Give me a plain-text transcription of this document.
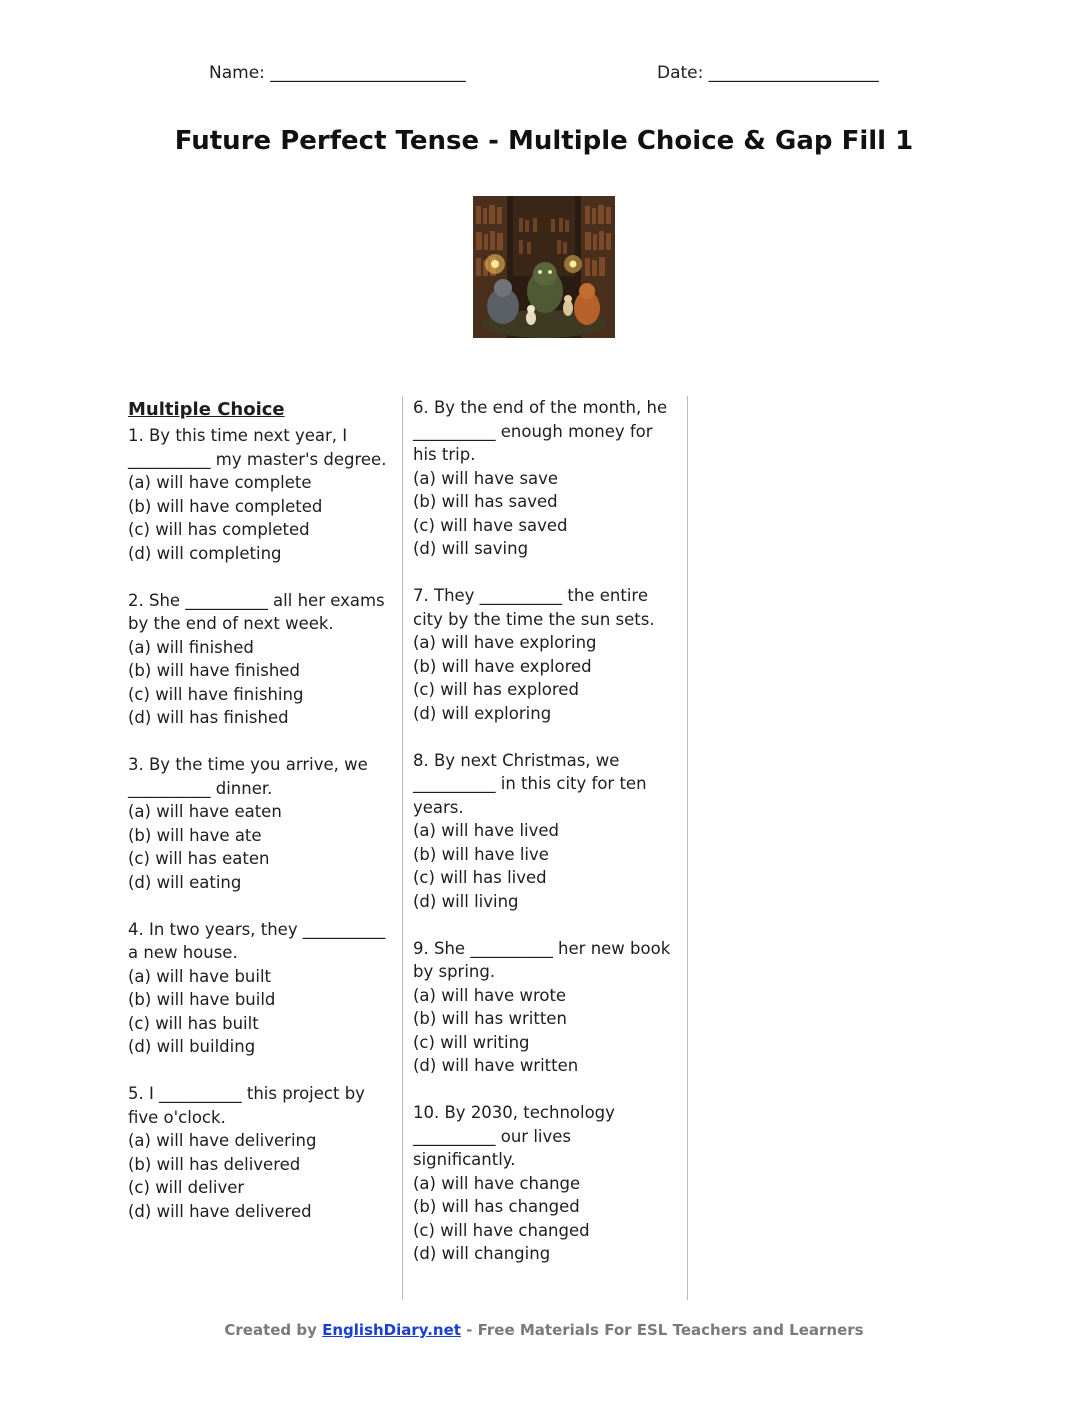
Name: _______________________	Date: ____________________
Future Perfect Tense - Multiple Choice & Gap Fill 1
Multiple Choice
1. By this time next year, I __________ my master's degree.
(a) will have complete
(b) will have completed
(c) will has completed
(d) will completing
2. She __________ all her exams by the end of next week.
(a) will finished
(b) will have finished
(c) will have finishing
(d) will has finished
3. By the time you arrive, we __________ dinner.
(a) will have eaten
(b) will have ate
(c) will has eaten
(d) will eating
4. In two years, they __________ a new house.
(a) will have built
(b) will have build
(c) will has built
(d) will building
5. I __________ this project by five o'clock.
(a) will have delivering
(b) will has delivered
(c) will deliver
(d) will have delivered
6. By the end of the month, he __________ enough money for his trip.
(a) will have save
(b) will has saved
(c) will have saved
(d) will saving
7. They __________ the entire city by the time the sun sets.
(a) will have exploring
(b) will have explored
(c) will has explored
(d) will exploring
8. By next Christmas, we __________ in this city for ten years.
(a) will have lived
(b) will have live
(c) will has lived
(d) will living
9. She __________ her new book by spring.
(a) will have wrote
(b) will has written
(c) will writing
(d) will have written
10. By 2030, technology __________ our lives significantly.
(a) will have change
(b) will has changed
(c) will have changed
(d) will changing
Created by EnglishDiary.net - Free Materials For ESL Teachers and Learners
